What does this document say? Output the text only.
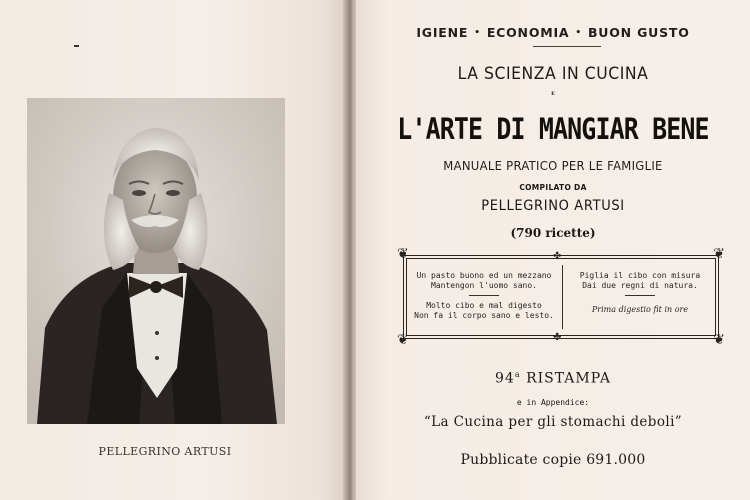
PELLEGRINO ARTUSI
IGIENE • ECONOMIA • BUON GUSTO
LA SCIENZA IN CUCINA
E
L'ARTE DI MANGIAR BENE
MANUALE PRATICO PER LE FAMIGLIE
COMPILATO DA
PELLEGRINO ARTUSI
(790 ricette)
❦	❦
❦	❦
✤
✤
Un pasto buono ed un mezzano
Mantengon l'uomo sano.
Piglia il cibo con misura
Dai due regni di natura.
Molto cibo e mal digesto
Non fa il corpo sano e lesto.
Prima digestio fit in ore
94$^a$ RISTAMPA
e in Appendice:
“La Cucina per gli stomachi deboli”
Pubblicate copie 691.000
